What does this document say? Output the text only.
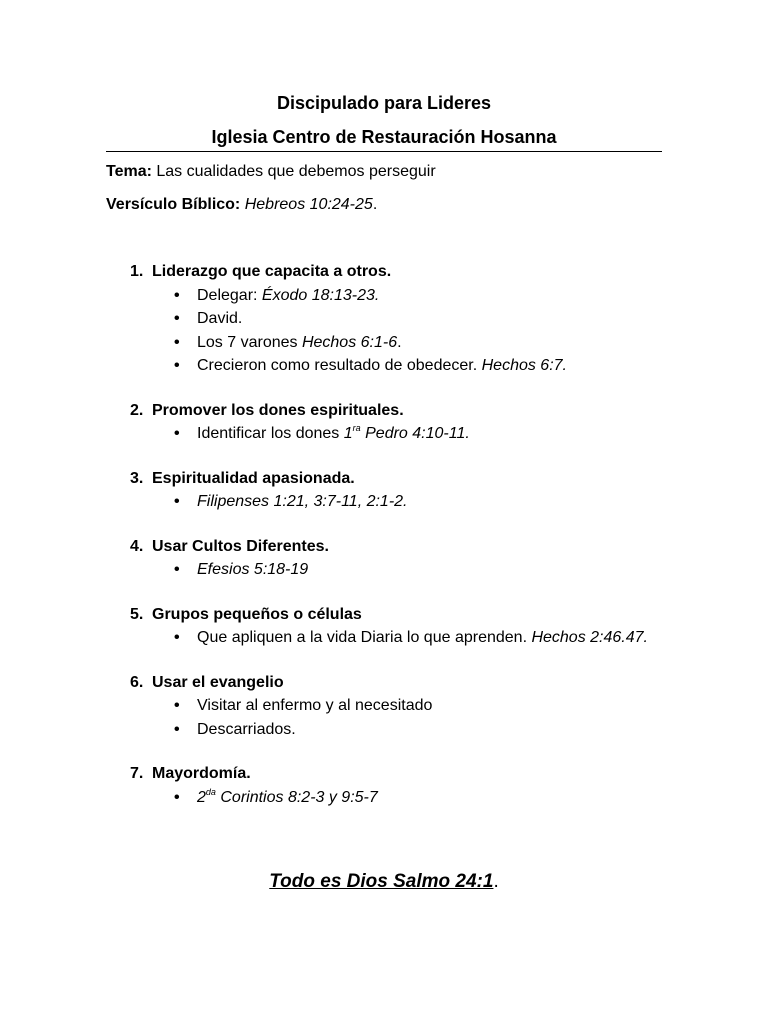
Discipulado para Lideres
Iglesia Centro de Restauración Hosanna
Tema: Las cualidades que debemos perseguir
Versículo Bíblico: Hebreos 10:24-25.
1. Liderazgo que capacita a otros.
• Delegar: Éxodo 18:13-23.
• David.
• Los 7 varones Hechos 6:1-6.
• Crecieron como resultado de obedecer. Hechos 6:7.
2. Promover los dones espirituales.
• Identificar los dones $1^{ra}$ Pedro 4:10-11.
3. Espiritualidad apasionada.
• Filipenses 1:21, 3:7-11, 2:1-2.
4. Usar Cultos Diferentes.
• Efesios 5:18-19
5. Grupos pequeños o células
• Que apliquen a la vida Diaria lo que aprenden. Hechos 2:46.47.
6. Usar el evangelio
• Visitar al enfermo y al necesitado
• Descarriados.
7. Mayordomía.
• $2^{da}$ Corintios 8:2-3 y 9:5-7
Todo es Dios Salmo 24:1.
